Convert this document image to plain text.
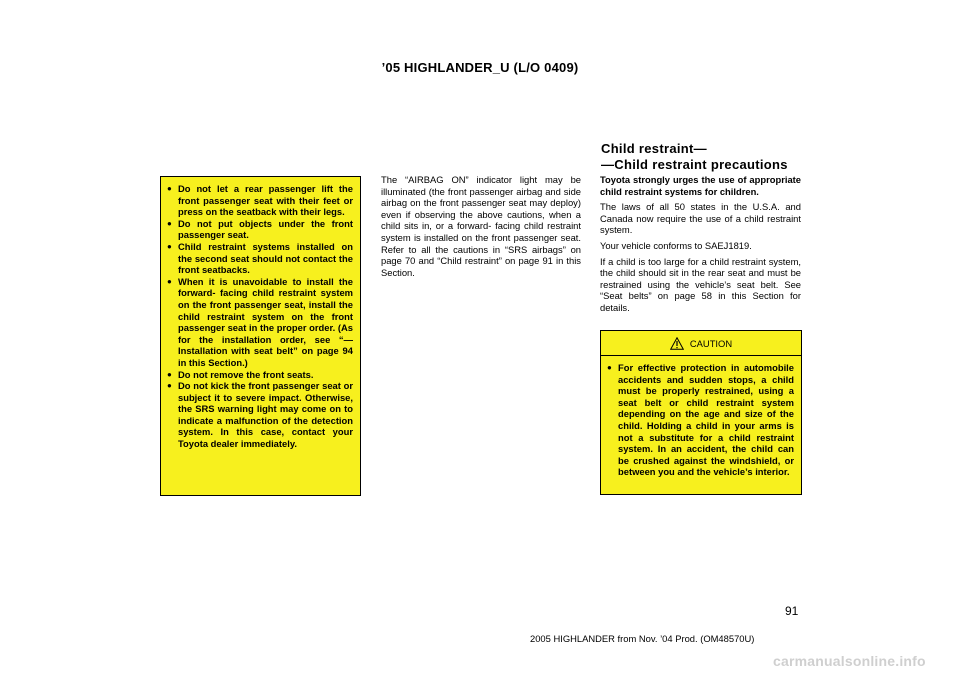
’05 HIGHLANDER_U (L/O 0409)
Child restraint—
—Child restraint precautions
● Do not let a rear passenger lift the front passenger seat with their feet or press on the seatback with their legs.
● Do not put objects under the front passenger seat.
● Child restraint systems installed on the second seat should not contact the front seatbacks.
● When it is unavoidable to install the forward- facing child restraint system on the front passenger seat, install the child restraint system on the front passenger seat in the proper order. (As for the installation order, see “—Installation with seat belt” on page 94 in this Section.)
● Do not remove the front seats.
● Do not kick the front passenger seat or subject it to severe impact. Otherwise, the SRS warning light may come on to indicate a malfunction of the detection system. In this case, contact your Toyota dealer immediately.
The “AIRBAG ON” indicator light may be illuminated (the front passenger airbag and side airbag on the front passenger seat may deploy) even if observing the above cautions, when a child sits in, or a forward- facing child restraint system is installed on the front passenger seat. Refer to all the cautions in “SRS airbags” on page 70 and “Child restraint” on page 91 in this Section.

Toyota strongly urges the use of appropriate child restraint systems for children.

The laws of all 50 states in the U.S.A. and Canada now require the use of a child restraint system.

Your vehicle conforms to SAEJ1819.

If a child is too large for a child restraint system, the child should sit in the rear seat and must be restrained using the vehicle’s seat belt. See “Seat belts” on page 58 in this Section for details.

CAUTION
● For effective protection in automobile accidents and sudden stops, a child must be properly restrained, using a seat belt or child restraint system depending on the age and size of the child. Holding a child in your arms is not a substitute for a child restraint system. In an accident, the child can be crushed against the windshield, or between you and the vehicle’s interior.
91
2005 HIGHLANDER from Nov. ’04 Prod. (OM48570U)
carmanualsonline.info
